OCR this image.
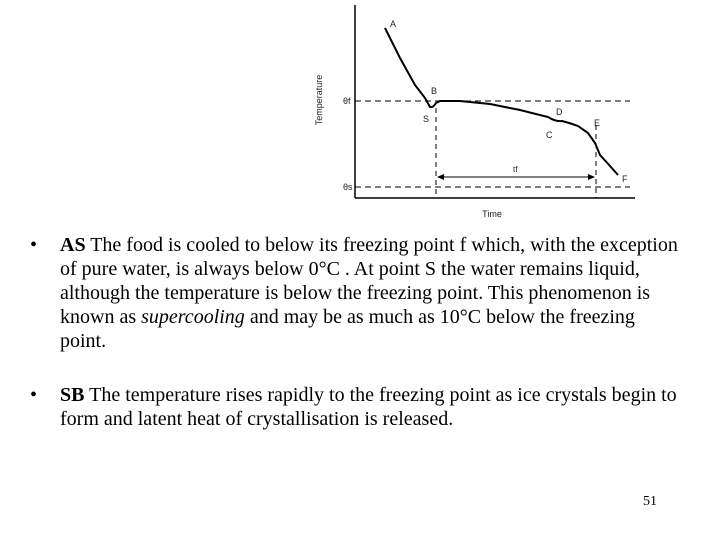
Temperature
Time
θf
θs
tf
A
B
S
D
C
E
F
• AS The food is cooled to below its freezing point f which, with the exception of pure water, is always below 0°C . At point S the water remains liquid, although the temperature is below the freezing point. This phenomenon is known as supercooling and may be as much as 10°C below the freezing point.
• SB The temperature rises rapidly to the freezing point as ice crystals begin to form and latent heat of crystallisation is released.
51
